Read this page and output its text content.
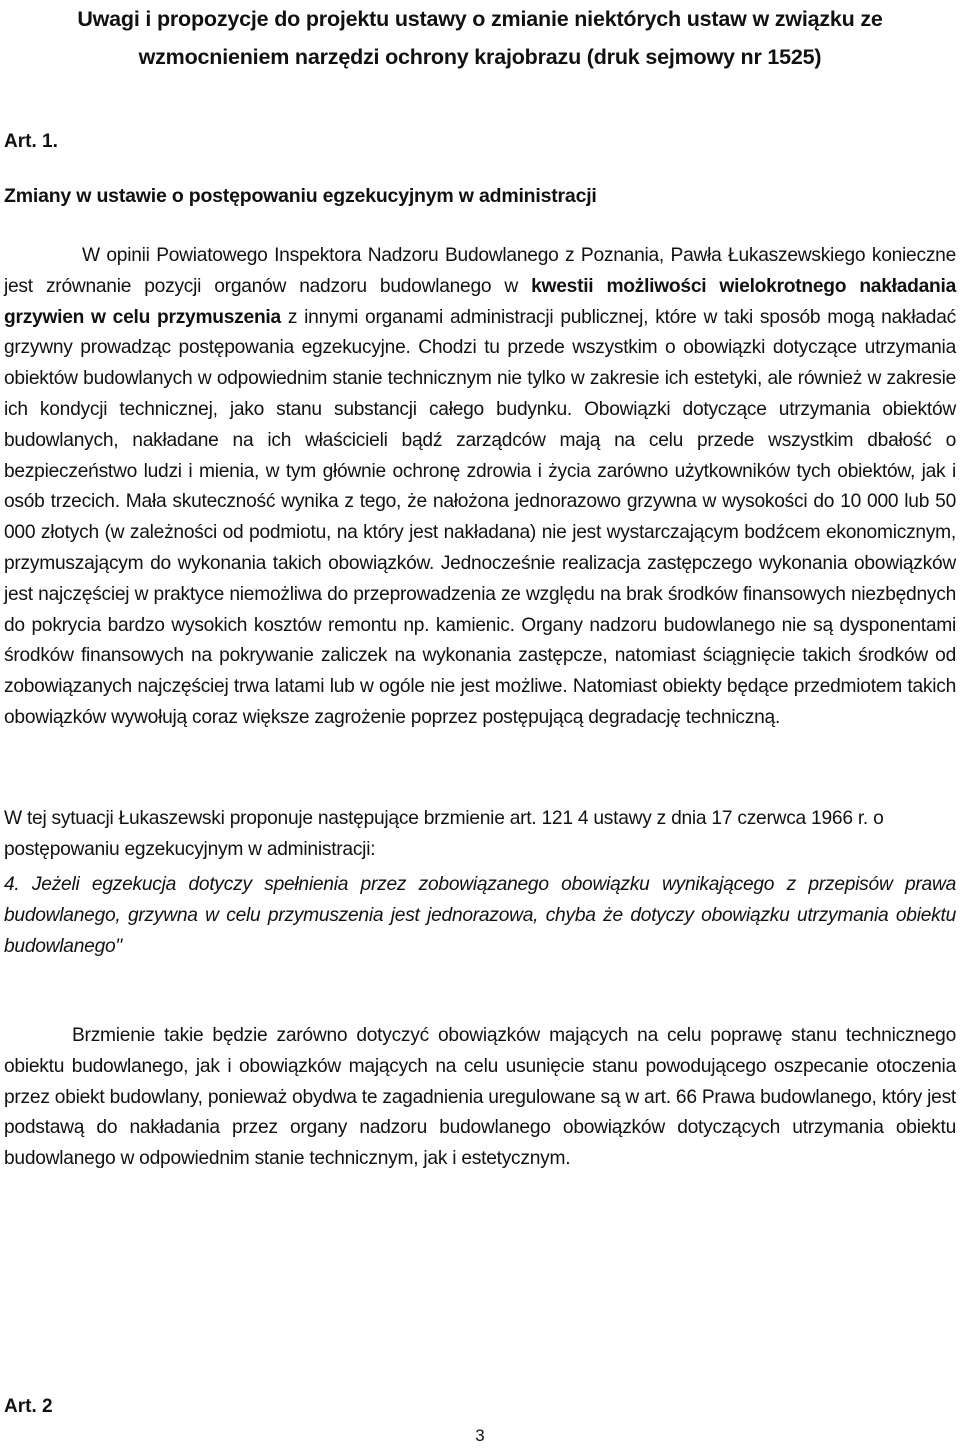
Uwagi i propozycje do projektu ustawy o zmianie niektórych ustaw w związku ze wzmocnieniem narzędzi ochrony krajobrazu (druk sejmowy nr 1525)
Art. 1.
Zmiany w ustawie o postępowaniu egzekucyjnym w administracji

W opinii Powiatowego Inspektora Nadzoru Budowlanego z Poznania, Pawła Łukaszewskiego konieczne jest zrównanie pozycji organów nadzoru budowlanego w kwestii możliwości wielokrotnego nakładania grzywien w celu przymuszenia z innymi organami administracji publicznej, które w taki sposób mogą nakładać grzywny prowadząc postępowania egzekucyjne. Chodzi tu przede wszystkim o obowiązki dotyczące utrzymania obiektów budowlanych w odpowiednim stanie technicznym nie tylko w zakresie ich estetyki, ale również w zakresie ich kondycji technicznej, jako stanu substancji całego budynku. Obowiązki dotyczące utrzymania obiektów budowlanych, nakładane na ich właścicieli bądź zarządców mają na celu przede wszystkim dbałość o bezpieczeństwo ludzi i mienia, w tym głównie ochronę zdrowia i życia zarówno użytkowników tych obiektów, jak i osób trzecich. Mała skuteczność wynika z tego, że nałożona jednorazowo grzywna w wysokości do 10 000 lub 50 000 złotych (w zależności od podmiotu, na który jest nakładana) nie jest wystarczającym bodźcem ekonomicznym, przymuszającym do wykonania takich obowiązków. Jednocześnie realizacja zastępczego wykonania obowiązków jest najczęściej w praktyce niemożliwa do przeprowadzenia ze względu na brak środków finansowych niezbędnych do pokrycia bardzo wysokich kosztów remontu np. kamienic. Organy nadzoru budowlanego nie są dysponentami środków finansowych na pokrywanie zaliczek na wykonania zastępcze, natomiast ściągnięcie takich środków od zobowiązanych najczęściej trwa latami lub w ogóle nie jest możliwe. Natomiast obiekty będące przedmiotem takich obowiązków wywołują coraz większe zagrożenie poprzez postępującą degradację techniczną.

W tej sytuacji Łukaszewski proponuje następujące brzmienie art. 121 4 ustawy z dnia 17 czerwca 1966 r. o postępowaniu egzekucyjnym w administracji:

4. Jeżeli egzekucja dotyczy spełnienia przez zobowiązanego obowiązku wynikającego z przepisów prawa budowlanego, grzywna w celu przymuszenia jest jednorazowa, chyba że dotyczy obowiązku utrzymania obiektu budowlanego"

Brzmienie takie będzie zarówno dotyczyć obowiązków mających na celu poprawę stanu technicznego obiektu budowlanego, jak i obowiązków mających na celu usunięcie stanu powodującego oszpecanie otoczenia przez obiekt budowlany, ponieważ obydwa te zagadnienia uregulowane są w art. 66 Prawa budowlanego, który jest podstawą do nakładania przez organy nadzoru budowlanego obowiązków dotyczących utrzymania obiektu budowlanego w odpowiednim stanie technicznym, jak i estetycznym.

Art. 2
3
